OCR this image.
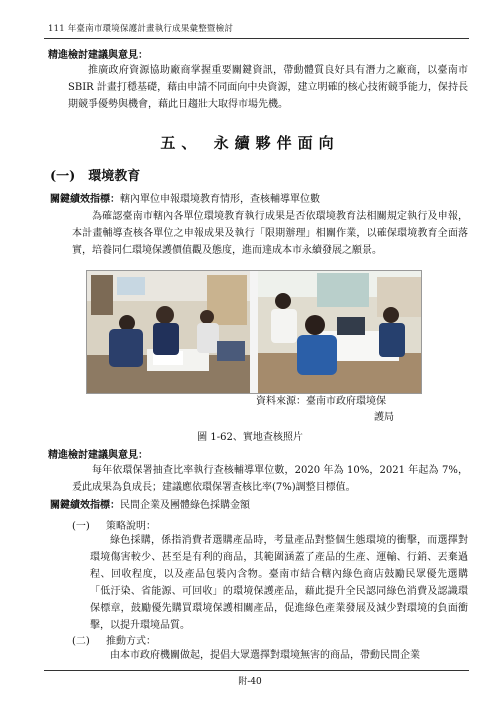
111 年臺南市環境保護計畫執行成果彙整暨檢討
精進檢討建議與意見：
推廣政府資源協助廠商掌握重要關鍵資訊，帶動體質良好具有潛力之廠商，以臺南市 SBIR 計畫打穩基礎，藉由申請不同面向中央資源，建立明確的核心技術競爭能力，保持長期競爭優勢與機會，藉此日趨壯大取得市場先機。
五、 永續夥伴面向
(一)　環境教育
關鍵績效指標：轄內單位申報環境教育情形，查核輔導單位數
為確認臺南市轄內各單位環境教育執行成果是否依環境教育法相關規定執行及申報，本計畫輔導查核各單位之申報成果及執行「限期辦理」相關作業，以確保環境教育全面落實，培養同仁環境保護價值觀及態度，進而達成本市永續發展之願景。
資料來源：臺南市政府環境保
護局
圖 1-62、實地查核照片
精進檢討建議與意見：
每年依環保署抽查比率執行查核輔導單位數，2020 年為 10%，2021 年起為 7%，爰此成果為負成長；建議應依環保署查核比率(7%)調整目標值。
關鍵績效指標：民間企業及團體綠色採購金額
(一) 策略說明：
綠色採購，係指消費者選購產品時，考量產品對整個生態環境的衝擊，而選擇對環境傷害較少、甚至是有利的商品，其範圍涵蓋了產品的生產、運輸、行銷、丟棄過程、回收程度，以及產品包裝內含物。臺南市結合轄內綠色商店鼓勵民眾優先選購「低汙染、省能源、可回收」的環境保護產品，藉此提升全民認同綠色消費及認識環保標章，鼓勵優先購買環境保護相關產品，促進綠色產業發展及減少對環境的負面衝擊，以提升環境品質。
(二) 推動方式：
由本市政府機關做起，提倡大眾選擇對環境無害的商品，帶動民間企業
附-40
